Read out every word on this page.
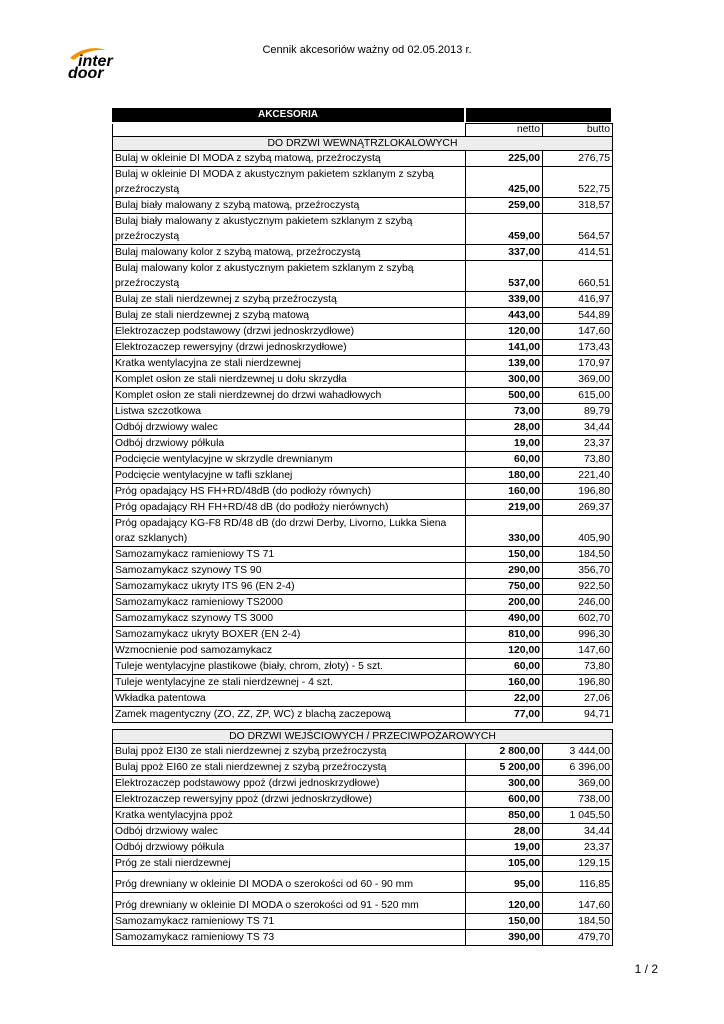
inter
door
Cennik akcesoriów ważny od 02.05.2013 r.
AKCESORIA
	netto	butto
DO DRZWI WEWNĄTRZLOKALOWYCH		
Bulaj w okleinie DI MODA z szybą matową, przeźroczystą	225,00	276,75
Bulaj w okleinie DI MODA z akustycznym pakietem szklanym z szybą przeźroczystą	425,00	522,75
Bulaj biały malowany z szybą matową, przeźroczystą	259,00	318,57
Bulaj biały malowany z akustycznym pakietem szklanym z szybą przeźroczystą	459,00	564,57
Bulaj malowany kolor z szybą matową, przeźroczystą	337,00	414,51
Bulaj malowany kolor z akustycznym pakietem szklanym z szybą przeźroczystą	537,00	660,51
Bulaj ze stali nierdzewnej z szybą przeźroczystą	339,00	416,97
Bulaj ze stali nierdzewnej z szybą matową	443,00	544,89
Elektrozaczep podstawowy (drzwi jednoskrzydłowe)	120,00	147,60
Elektrozaczep rewersyjny (drzwi jednoskrzydłowe)	141,00	173,43
Kratka wentylacyjna ze stali nierdzewnej	139,00	170,97
Komplet osłon ze stali nierdzewnej u dołu skrzydła	300,00	369,00
Komplet osłon ze stali nierdzewnej do drzwi wahadłowych	500,00	615,00
Listwa szczotkowa	73,00	89,79
Odbój drzwiowy walec	28,00	34,44
Odbój drzwiowy półkula	19,00	23,37
Podcięcie wentylacyjne w skrzydle drewnianym	60,00	73,80
Podcięcie wentylacyjne w tafli szklanej	180,00	221,40
Próg opadający HS FH+RD/48dB (do podłoży równych)	160,00	196,80
Próg opadający RH FH+RD/48 dB (do podłoży nierównych)	219,00	269,37
Próg opadający KG-F8 RD/48 dB (do drzwi Derby, Livorno, Lukka Siena oraz szklanych)	330,00	405,90
Samozamykacz ramieniowy TS 71	150,00	184,50
Samozamykacz szynowy TS 90	290,00	356,70
Samozamykacz ukryty ITS 96 (EN 2-4)	750,00	922,50
Samozamykacz ramieniowy TS2000	200,00	246,00
Samozamykacz szynowy TS 3000	490,00	602,70
Samozamykacz ukryty BOXER (EN 2-4)	810,00	996,30
Wzmocnienie pod samozamykacz	120,00	147,60
Tuleje wentylacyjne plastikowe (biały, chrom, złoty) - 5 szt.	60,00	73,80
Tuleje wentylacyjne ze stali nierdzewnej - 4 szt.	160,00	196,80
Wkładka patentowa	22,00	27,06
Zamek magentyczny (ZO, ZZ, ZP, WC) z blachą zaczepową	77,00	94,71
DO DRZWI WEJŚCIOWYCH / PRZECIWPOŻAROWYCH		
Bulaj ppoż EI30 ze stali nierdzewnej z szybą przeźroczystą	2 800,00	3 444,00
Bulaj ppoż EI60 ze stali nierdzewnej z szybą przeźroczystą	5 200,00	6 396,00
Elektrozaczep podstawowy ppoż (drzwi jednoskrzydłowe)	300,00	369,00
Elektrozaczep rewersyjny ppoż (drzwi jednoskrzydłowe)	600,00	738,00
Kratka wentylacyjna ppoż	850,00	1 045,50
Odbój drzwiowy walec	28,00	34,44
Odbój drzwiowy półkula	19,00	23,37
Próg ze stali nierdzewnej	105,00	129,15
Próg drewniany w okleinie DI MODA o szerokości od 60 - 90 mm	95,00	116,85
Próg drewniany w okleinie DI MODA o szerokości od 91 - 520 mm	120,00	147,60
Samozamykacz ramieniowy TS 71	150,00	184,50
Samozamykacz ramieniowy TS 73	390,00	479,70
1 / 2
